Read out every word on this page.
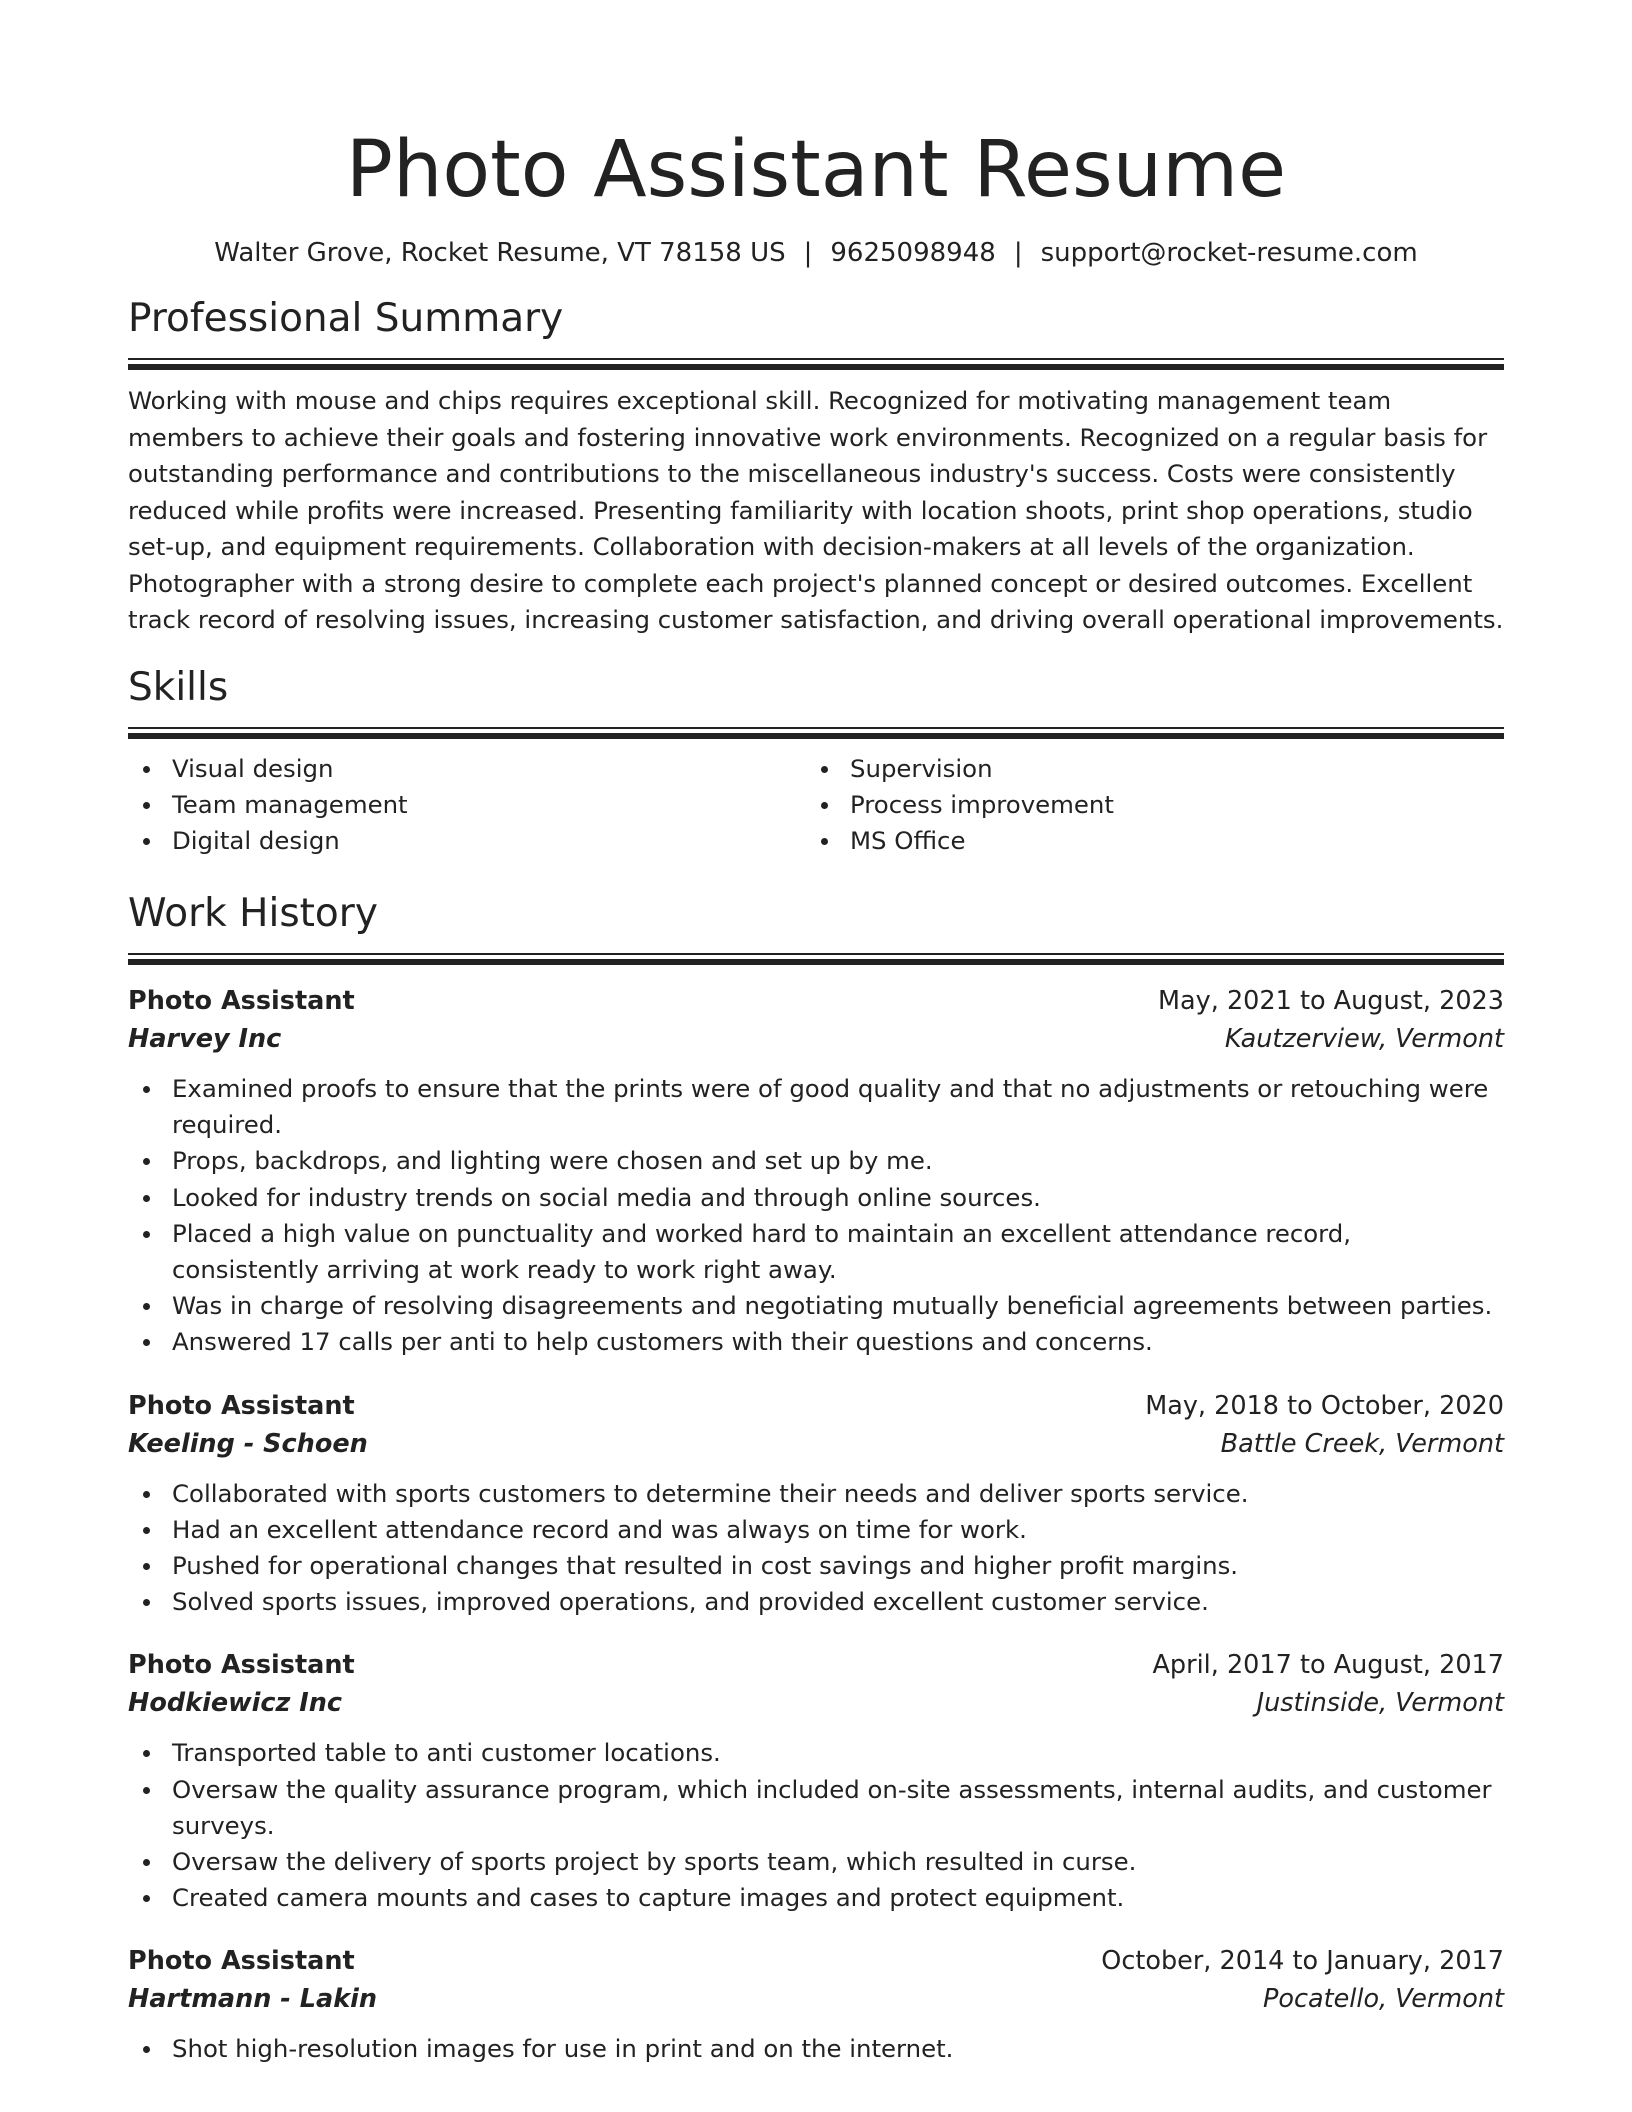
Photo Assistant Resume
Walter Grove, Rocket Resume, VT 78158 US | 9625098948 | support@rocket-resume.com
Professional Summary

Working with mouse and chips requires exceptional skill. Recognized for motivating management team members to achieve their goals and fostering innovative work environments. Recognized on a regular basis for outstanding performance and contributions to the miscellaneous industry's success. Costs were consistently reduced while profits were increased. Presenting familiarity with location shoots, print shop operations, studio set-up, and equipment requirements. Collaboration with decision-makers at all levels of the organization. Photographer with a strong desire to complete each project's planned concept or desired outcomes. Excellent track record of resolving issues, increasing customer satisfaction, and driving overall operational improvements.

Skills
Visual design
Team management
Digital design
Supervision
Process improvement
MS Office
Work History
Photo Assistant	May, 2021 to August, 2023
Harvey Inc	Kautzerview, Vermont
Examined proofs to ensure that the prints were of good quality and that no adjustments or retouching were required.
Props, backdrops, and lighting were chosen and set up by me.
Looked for industry trends on social media and through online sources.
Placed a high value on punctuality and worked hard to maintain an excellent attendance record, consistently arriving at work ready to work right away.
Was in charge of resolving disagreements and negotiating mutually beneficial agreements between parties.
Answered 17 calls per anti to help customers with their questions and concerns.
Photo Assistant	May, 2018 to October, 2020
Keeling - Schoen	Battle Creek, Vermont
Collaborated with sports customers to determine their needs and deliver sports service.
Had an excellent attendance record and was always on time for work.
Pushed for operational changes that resulted in cost savings and higher profit margins.
Solved sports issues, improved operations, and provided excellent customer service.
Photo Assistant	April, 2017 to August, 2017
Hodkiewicz Inc	Justinside, Vermont
Transported table to anti customer locations.
Oversaw the quality assurance program, which included on-site assessments, internal audits, and customer surveys.
Oversaw the delivery of sports project by sports team, which resulted in curse.
Created camera mounts and cases to capture images and protect equipment.
Photo Assistant	October, 2014 to January, 2017
Hartmann - Lakin	Pocatello, Vermont
Shot high-resolution images for use in print and on the internet.
